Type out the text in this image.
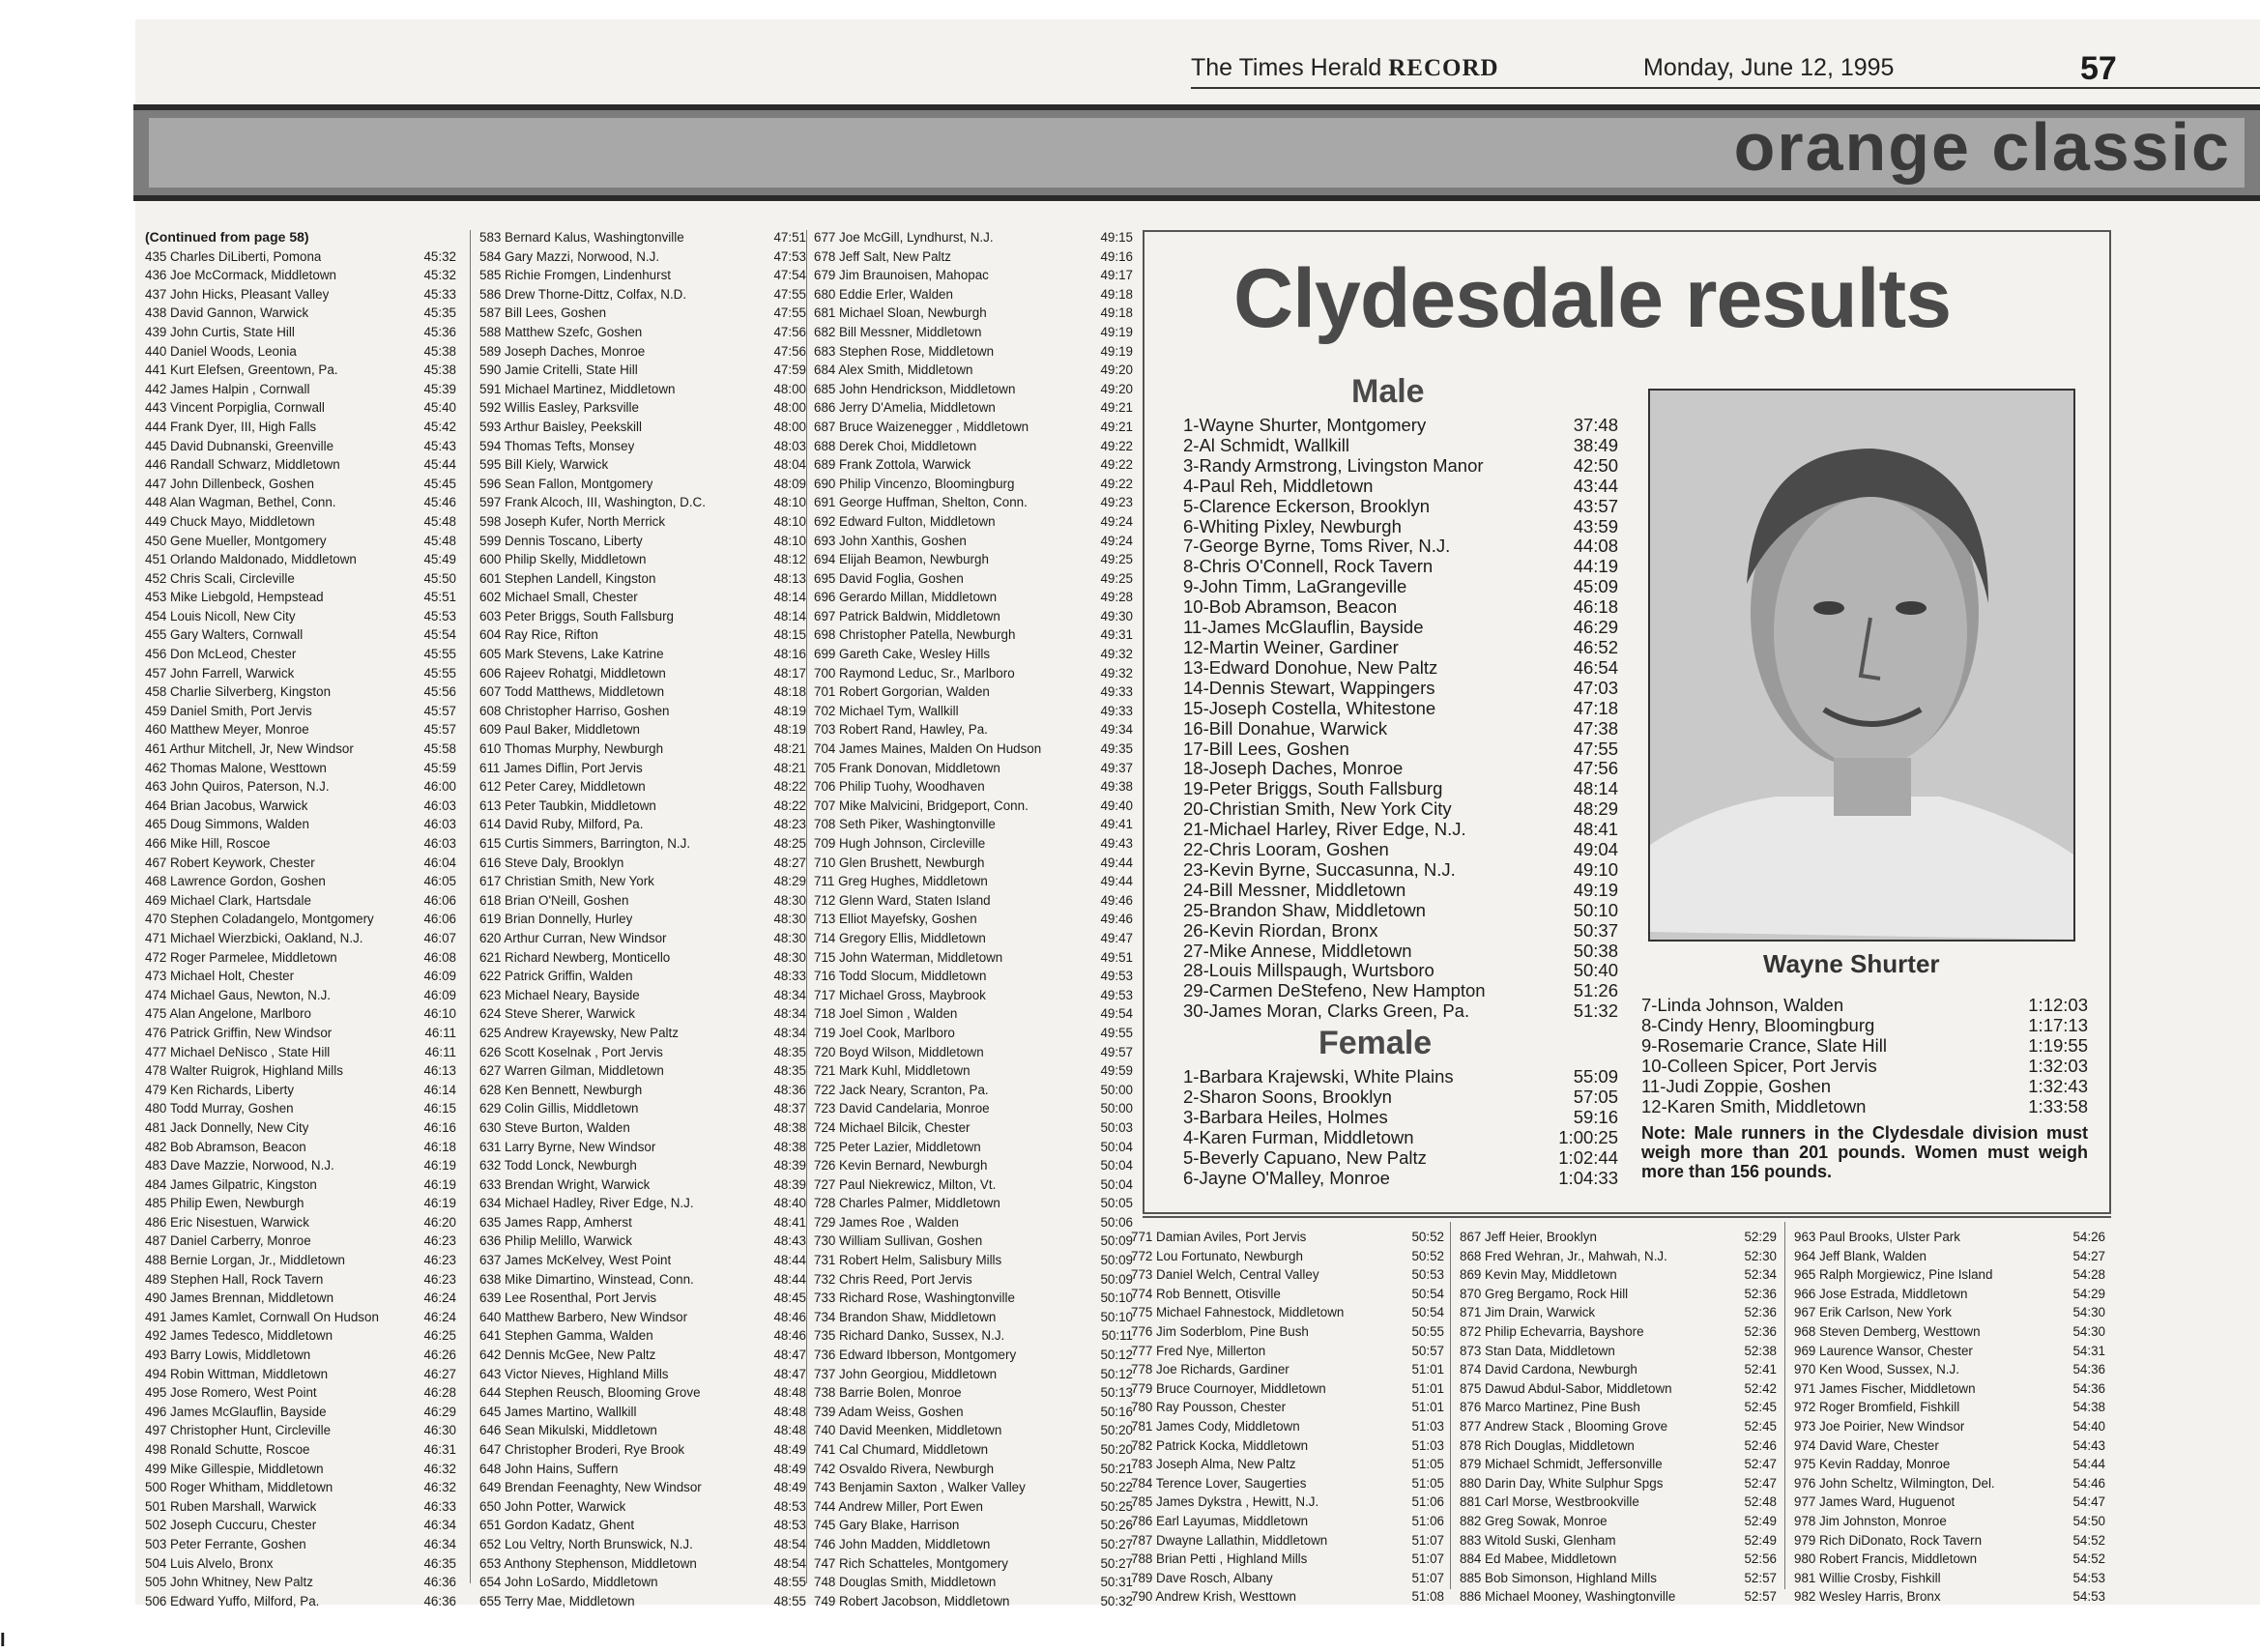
The Times Herald RECORD	Monday, June 12, 1995	57
orange classic
(Continued from page 58)
435 Charles DiLiberti, Pomona	45:32
436 Joe McCormack, Middletown	45:32
437 John Hicks, Pleasant Valley	45:33
438 David Gannon, Warwick	45:35
439 John Curtis, State Hill	45:36
440 Daniel Woods, Leonia	45:38
441 Kurt Elefsen, Greentown, Pa.	45:38
442 James Halpin , Cornwall	45:39
443 Vincent Porpiglia, Cornwall	45:40
444 Frank Dyer, III, High Falls	45:42
445 David Dubnanski, Greenville	45:43
446 Randall Schwarz, Middletown	45:44
447 John Dillenbeck, Goshen	45:45
448 Alan Wagman, Bethel, Conn.	45:46
449 Chuck Mayo, Middletown	45:48
450 Gene Mueller, Montgomery	45:48
451 Orlando Maldonado, Middletown	45:49
452 Chris Scali, Circleville	45:50
453 Mike Liebgold, Hempstead	45:51
454 Louis Nicoll, New City	45:53
455 Gary Walters, Cornwall	45:54
456 Don McLeod, Chester	45:55
457 John Farrell, Warwick	45:55
458 Charlie Silverberg, Kingston	45:56
459 Daniel Smith, Port Jervis	45:57
460 Matthew Meyer, Monroe	45:57
461 Arthur Mitchell, Jr, New Windsor	45:58
462 Thomas Malone, Westtown	45:59
463 John Quiros, Paterson, N.J.	46:00
464 Brian Jacobus, Warwick	46:03
465 Doug Simmons, Walden	46:03
466 Mike Hill, Roscoe	46:03
467 Robert Keywork, Chester	46:04
468 Lawrence Gordon, Goshen	46:05
469 Michael Clark, Hartsdale	46:06
470 Stephen Coladangelo, Montgomery	46:06
471 Michael Wierzbicki, Oakland, N.J.	46:07
472 Roger Parmelee, Middletown	46:08
473 Michael Holt, Chester	46:09
474 Michael Gaus, Newton, N.J.	46:09
475 Alan Angelone, Marlboro	46:10
476 Patrick Griffin, New Windsor	46:11
477 Michael DeNisco , State Hill	46:11
478 Walter Ruigrok, Highland Mills	46:13
479 Ken Richards, Liberty	46:14
480 Todd Murray, Goshen	46:15
481 Jack Donnelly, New City	46:16
482 Bob Abramson, Beacon	46:18
483 Dave Mazzie, Norwood, N.J.	46:19
484 James Gilpatric, Kingston	46:19
485 Philip Ewen, Newburgh	46:19
486 Eric Nisestuen, Warwick	46:20
487 Daniel Carberry, Monroe	46:23
488 Bernie Lorgan, Jr., Middletown	46:23
489 Stephen Hall, Rock Tavern	46:23
490 James Brennan, Middletown	46:24
491 James Kamlet, Cornwall On Hudson	46:24
492 James Tedesco, Middletown	46:25
493 Barry Lowis, Middletown	46:26
494 Robin Wittman, Middletown	46:27
495 Jose Romero, West Point	46:28
496 James McGlauflin, Bayside	46:29
497 Christopher Hunt, Circleville	46:30
498 Ronald Schutte, Roscoe	46:31
499 Mike Gillespie, Middletown	46:32
500 Roger Whitham, Middletown	46:32
501 Ruben Marshall, Warwick	46:33
502 Joseph Cuccuru, Chester	46:34
503 Peter Ferrante, Goshen	46:34
504 Luis Alvelo, Bronx	46:35
505 John Whitney, New Paltz	46:36
506 Edward Yuffo, Milford, Pa.	46:36
583 Bernard Kalus, Washingtonville	47:51
584 Gary Mazzi, Norwood, N.J.	47:53
585 Richie Fromgen, Lindenhurst	47:54
586 Drew Thorne-Dittz, Colfax, N.D.	47:55
587 Bill Lees, Goshen	47:55
588 Matthew Szefc, Goshen	47:56
589 Joseph Daches, Monroe	47:56
590 Jamie Critelli, State Hill	47:59
591 Michael Martinez, Middletown	48:00
592 Willis Easley, Parksville	48:00
593 Arthur Baisley, Peekskill	48:00
594 Thomas Tefts, Monsey	48:03
595 Bill Kiely, Warwick	48:04
596 Sean Fallon, Montgomery	48:09
597 Frank Alcoch, III, Washington, D.C.	48:10
598 Joseph Kufer, North Merrick	48:10
599 Dennis Toscano, Liberty	48:10
600 Philip Skelly, Middletown	48:12
601 Stephen Landell, Kingston	48:13
602 Michael Small, Chester	48:14
603 Peter Briggs, South Fallsburg	48:14
604 Ray Rice, Rifton	48:15
605 Mark Stevens, Lake Katrine	48:16
606 Rajeev Rohatgi, Middletown	48:17
607 Todd Matthews, Middletown	48:18
608 Christopher Harriso, Goshen	48:19
609 Paul Baker, Middletown	48:19
610 Thomas Murphy, Newburgh	48:21
611 James Diflin, Port Jervis	48:21
612 Peter Carey, Middletown	48:22
613 Peter Taubkin, Middletown	48:22
614 David Ruby, Milford, Pa.	48:23
615 Curtis Simmers, Barrington, N.J.	48:25
616 Steve Daly, Brooklyn	48:27
617 Christian Smith, New York	48:29
618 Brian O'Neill, Goshen	48:30
619 Brian Donnelly, Hurley	48:30
620 Arthur Curran, New Windsor	48:30
621 Richard Newberg, Monticello	48:30
622 Patrick Griffin, Walden	48:33
623 Michael Neary, Bayside	48:34
624 Steve Sherer, Warwick	48:34
625 Andrew Krayewsky, New Paltz	48:34
626 Scott Koselnak , Port Jervis	48:35
627 Warren Gilman, Middletown	48:35
628 Ken Bennett, Newburgh	48:36
629 Colin Gillis, Middletown	48:37
630 Steve Burton, Walden	48:38
631 Larry Byrne, New Windsor	48:38
632 Todd Lonck, Newburgh	48:39
633 Brendan Wright, Warwick	48:39
634 Michael Hadley, River Edge, N.J.	48:40
635 James Rapp, Amherst	48:41
636 Philip Melillo, Warwick	48:43
637 James McKelvey, West Point	48:44
638 Mike Dimartino, Winstead, Conn.	48:44
639 Lee Rosenthal, Port Jervis	48:45
640 Matthew Barbero, New Windsor	48:46
641 Stephen Gamma, Walden	48:46
642 Dennis McGee, New Paltz	48:47
643 Victor Nieves, Highland Mills	48:47
644 Stephen Reusch, Blooming Grove	48:48
645 James Martino, Wallkill	48:48
646 Sean Mikulski, Middletown	48:48
647 Christopher Broderi, Rye Brook	48:49
648 John Hains, Suffern	48:49
649 Brendan Feenaghty, New Windsor	48:49
650 John Potter, Warwick	48:53
651 Gordon Kadatz, Ghent	48:53
652 Lou Veltry, North Brunswick, N.J.	48:54
653 Anthony Stephenson, Middletown	48:54
654 John LoSardo, Middletown	48:55
655 Terry Mae, Middletown	48:55
677 Joe McGill, Lyndhurst, N.J.	49:15
678 Jeff Salt, New Paltz	49:16
679 Jim Braunoisen, Mahopac	49:17
680 Eddie Erler, Walden	49:18
681 Michael Sloan, Newburgh	49:18
682 Bill Messner, Middletown	49:19
683 Stephen Rose, Middletown	49:19
684 Alex Smith, Middletown	49:20
685 John Hendrickson, Middletown	49:20
686 Jerry D'Amelia, Middletown	49:21
687 Bruce Waizenegger , Middletown	49:21
688 Derek Choi, Middletown	49:22
689 Frank Zottola, Warwick	49:22
690 Philip Vincenzo, Bloomingburg	49:22
691 George Huffman, Shelton, Conn.	49:23
692 Edward Fulton, Middletown	49:24
693 John Xanthis, Goshen	49:24
694 Elijah Beamon, Newburgh	49:25
695 David Foglia, Goshen	49:25
696 Gerardo Millan, Middletown	49:28
697 Patrick Baldwin, Middletown	49:30
698 Christopher Patella, Newburgh	49:31
699 Gareth Cake, Wesley Hills	49:32
700 Raymond Leduc, Sr., Marlboro	49:32
701 Robert Gorgorian, Walden	49:33
702 Michael Tym, Wallkill	49:33
703 Robert Rand, Hawley, Pa.	49:34
704 James Maines, Malden On Hudson	49:35
705 Frank Donovan, Middletown	49:37
706 Philip Tuohy, Woodhaven	49:38
707 Mike Malvicini, Bridgeport, Conn.	49:40
708 Seth Piker, Washingtonville	49:41
709 Hugh Johnson, Circleville	49:43
710 Glen Brushett, Newburgh	49:44
711 Greg Hughes, Middletown	49:44
712 Glenn Ward, Staten Island	49:46
713 Elliot Mayefsky, Goshen	49:46
714 Gregory Ellis, Middletown	49:47
715 John Waterman, Middletown	49:51
716 Todd Slocum, Middletown	49:53
717 Michael Gross, Maybrook	49:53
718 Joel Simon , Walden	49:54
719 Joel Cook, Marlboro	49:55
720 Boyd Wilson, Middletown	49:57
721 Mark Kuhl, Middletown	49:59
722 Jack Neary, Scranton, Pa.	50:00
723 David Candelaria, Monroe	50:00
724 Michael Bilcik, Chester	50:03
725 Peter Lazier, Middletown	50:04
726 Kevin Bernard, Newburgh	50:04
727 Paul Niekrewicz, Milton, Vt.	50:04
728 Charles Palmer, Middletown	50:05
729 James Roe , Walden	50:06
730 William Sullivan, Goshen	50:09
731 Robert Helm, Salisbury Mills	50:09
732 Chris Reed, Port Jervis	50:09
733 Richard Rose, Washingtonville	50:10
734 Brandon Shaw, Middletown	50:10
735 Richard Danko, Sussex, N.J.	50:11
736 Edward Ibberson, Montgomery	50:12
737 John Georgiou, Middletown	50:12
738 Barrie Bolen, Monroe	50:13
739 Adam Weiss, Goshen	50:16
740 David Meenken, Middletown	50:20
741 Cal Chumard, Middletown	50:20
742 Osvaldo Rivera, Newburgh	50:21
743 Benjamin Saxton , Walker Valley	50:22
744 Andrew Miller, Port Ewen	50:25
745 Gary Blake, Harrison	50:26
746 John Madden, Middletown	50:27
747 Rich Schatteles, Montgomery	50:27
748 Douglas Smith, Middletown	50:31
749 Robert Jacobson, Middletown	50:32
Clydesdale results
Male
1-Wayne Shurter, Montgomery	37:48
2-Al Schmidt, Wallkill	38:49
3-Randy Armstrong, Livingston Manor	42:50
4-Paul Reh, Middletown	43:44
5-Clarence Eckerson, Brooklyn	43:57
6-Whiting Pixley, Newburgh	43:59
7-George Byrne, Toms River, N.J.	44:08
8-Chris O'Connell, Rock Tavern	44:19
9-John Timm, LaGrangeville	45:09
10-Bob Abramson, Beacon	46:18
11-James McGlauflin, Bayside	46:29
12-Martin Weiner, Gardiner	46:52
13-Edward Donohue, New Paltz	46:54
14-Dennis Stewart, Wappingers	47:03
15-Joseph Costella, Whitestone	47:18
16-Bill Donahue, Warwick	47:38
17-Bill Lees, Goshen	47:55
18-Joseph Daches, Monroe	47:56
19-Peter Briggs, South Fallsburg	48:14
20-Christian Smith, New York City	48:29
21-Michael Harley, River Edge, N.J.	48:41
22-Chris Looram, Goshen	49:04
23-Kevin Byrne, Succasunna, N.J.	49:10
24-Bill Messner, Middletown	49:19
25-Brandon Shaw, Middletown	50:10
26-Kevin Riordan, Bronx	50:37
27-Mike Annese, Middletown	50:38
28-Louis Millspaugh, Wurtsboro	50:40
29-Carmen DeStefeno, New Hampton	51:26
30-James Moran, Clarks Green, Pa.	51:32
Female
1-Barbara Krajewski, White Plains	55:09
2-Sharon Soons, Brooklyn	57:05
3-Barbara Heiles, Holmes	59:16
4-Karen Furman, Middletown	1:00:25
5-Beverly Capuano, New Paltz	1:02:44
6-Jayne O'Malley, Monroe	1:04:33
Wayne Shurter
7-Linda Johnson, Walden	1:12:03
8-Cindy Henry, Bloomingburg	1:17:13
9-Rosemarie Crance, Slate Hill	1:19:55
10-Colleen Spicer, Port Jervis	1:32:03
11-Judi Zoppie, Goshen	1:32:43
12-Karen Smith, Middletown	1:33:58
Note: Male runners in the Clydesdale division must weigh more than 201 pounds. Women must weigh more than 156 pounds.
771 Damian Aviles, Port Jervis	50:52
772 Lou Fortunato, Newburgh	50:52
773 Daniel Welch, Central Valley	50:53
774 Rob Bennett, Otisville	50:54
775 Michael Fahnestock, Middletown	50:54
776 Jim Soderblom, Pine Bush	50:55
777 Fred Nye, Millerton	50:57
778 Joe Richards, Gardiner	51:01
779 Bruce Cournoyer, Middletown	51:01
780 Ray Pousson, Chester	51:01
781 James Cody, Middletown	51:03
782 Patrick Kocka, Middletown	51:03
783 Joseph Alma, New Paltz	51:05
784 Terence Lover, Saugerties	51:05
785 James Dykstra , Hewitt, N.J.	51:06
786 Earl Layumas, Middletown	51:06
787 Dwayne Lallathin, Middletown	51:07
788 Brian Petti , Highland Mills	51:07
789 Dave Rosch, Albany	51:07
790 Andrew Krish, Westtown	51:08
867 Jeff Heier, Brooklyn	52:29
868 Fred Wehran, Jr., Mahwah, N.J.	52:30
869 Kevin May, Middletown	52:34
870 Greg Bergamo, Rock Hill	52:36
871 Jim Drain, Warwick	52:36
872 Philip Echevarria, Bayshore	52:36
873 Stan Data, Middletown	52:38
874 David Cardona, Newburgh	52:41
875 Dawud Abdul-Sabor, Middletown	52:42
876 Marco Martinez, Pine Bush	52:45
877 Andrew Stack , Blooming Grove	52:45
878 Rich Douglas, Middletown	52:46
879 Michael Schmidt, Jeffersonville	52:47
880 Darin Day, White Sulphur Spgs	52:47
881 Carl Morse, Westbrookville	52:48
882 Greg Sowak, Monroe	52:49
883 Witold Suski, Glenham	52:49
884 Ed Mabee, Middletown	52:56
885 Bob Simonson, Highland Mills	52:57
886 Michael Mooney, Washingtonville	52:57
963 Paul Brooks, Ulster Park	54:26
964 Jeff Blank, Walden	54:27
965 Ralph Morgiewicz, Pine Island	54:28
966 Jose Estrada, Middletown	54:29
967 Erik Carlson, New York	54:30
968 Steven Demberg, Westtown	54:30
969 Laurence Wansor, Chester	54:31
970 Ken Wood, Sussex, N.J.	54:36
971 James Fischer, Middletown	54:36
972 Roger Bromfield, Fishkill	54:38
973 Joe Poirier, New Windsor	54:40
974 David Ware, Chester	54:43
975 Kevin Radday, Monroe	54:44
976 John Scheltz, Wilmington, Del.	54:46
977 James Ward, Huguenot	54:47
978 Jim Johnston, Monroe	54:50
979 Rich DiDonato, Rock Tavern	54:52
980 Robert Francis, Middletown	54:52
981 Willie Crosby, Fishkill	54:53
982 Wesley Harris, Bronx	54:53
I
